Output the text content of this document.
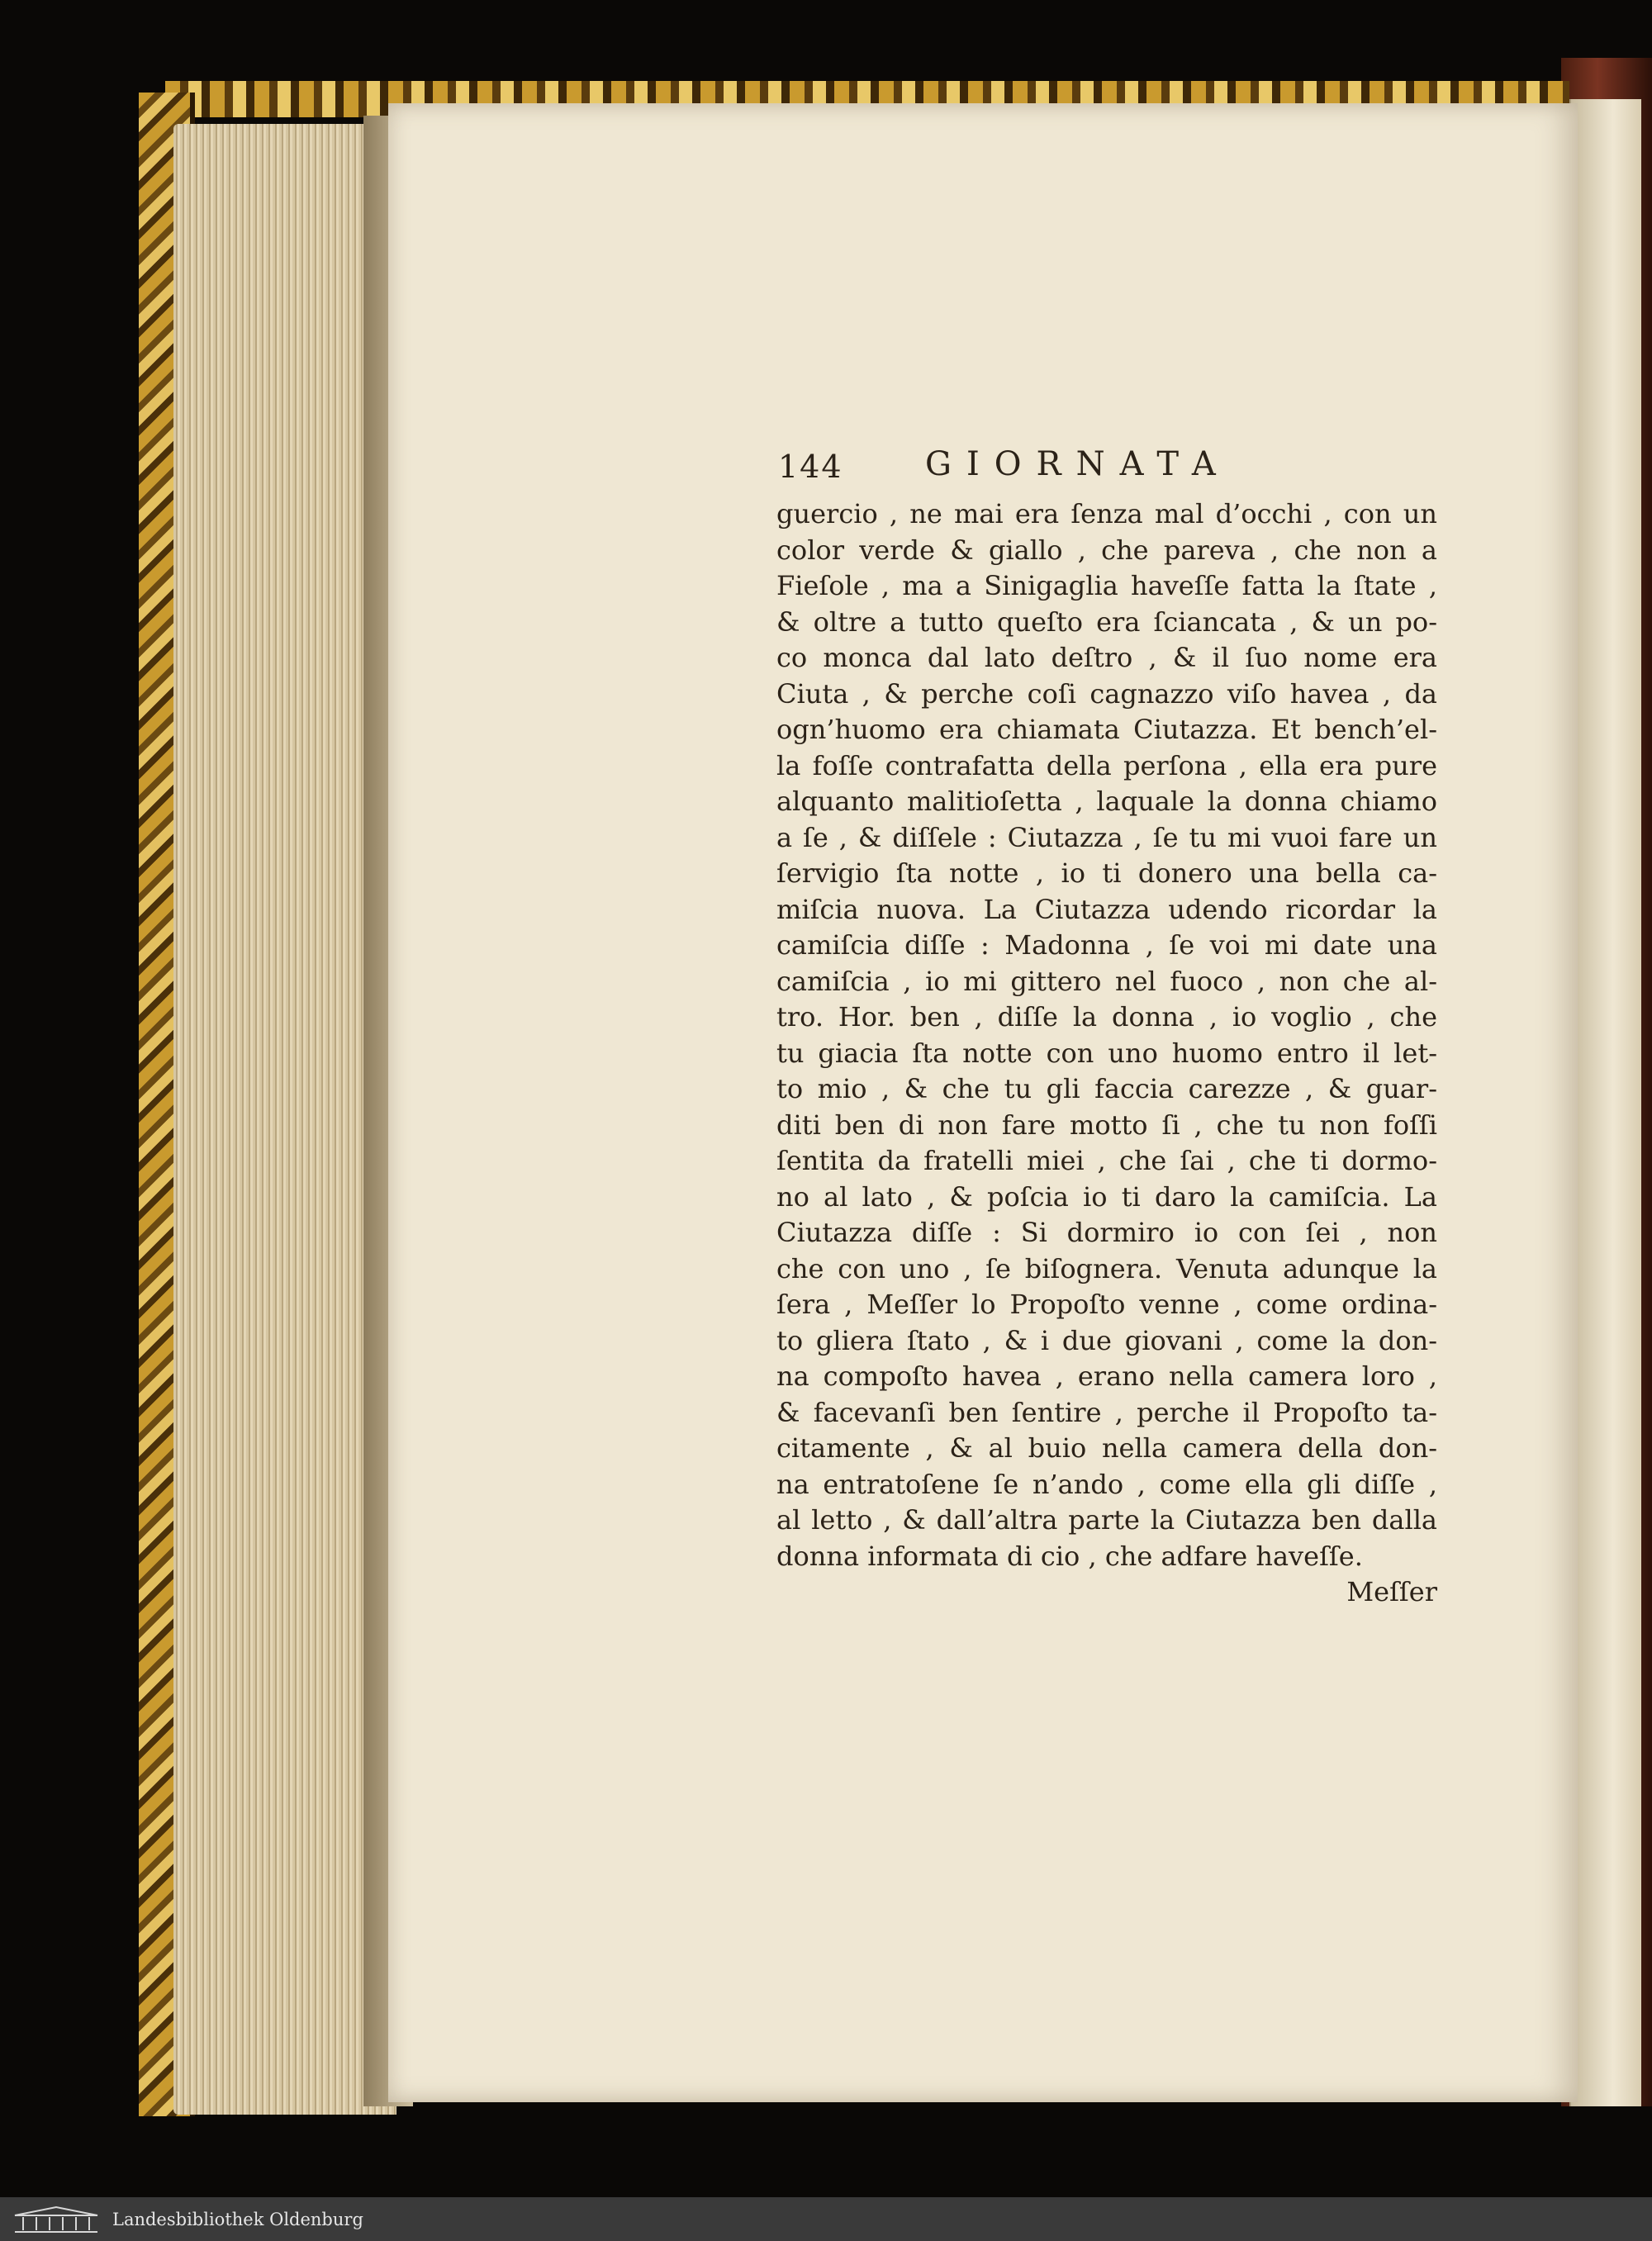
144 GIORNATA
guercio , ne mai era ſenza mal d’occhi , con un
color verde & giallo , che pareva , che non a
Fieſole , ma a Sinigaglia haveſſe fatta la ſtate ,
& oltre a tutto queſto era ſciancata , & un po-
co monca dal lato deſtro , & il ſuo nome era
Ciuta , & perche coſi cagnazzo viſo havea , da
ogn’huomo era chiamata Ciutazza. Et bench’el-
la foſſe contrafatta della perſona , ella era pure
alquanto malitioſetta , laquale la donna chiamo
a ſe , & diſſele : Ciutazza , ſe tu mi vuoi fare un
ſervigio ſta notte , io ti donero una bella ca-
miſcia nuova. La Ciutazza udendo ricordar la
camiſcia diſſe : Madonna , ſe voi mi date una
camiſcia , io mi gittero nel fuoco , non che al-
tro. Hor. ben , diſſe la donna , io voglio , che
tu giacia ſta notte con uno huomo entro il let-
to mio , & che tu gli faccia carezze , & guar-
diti ben di non fare motto ſi , che tu non foſſi
ſentita da fratelli miei , che ſai , che ti dormo-
no al lato , & poſcia io ti daro la camiſcia. La
Ciutazza diſſe : Si dormiro io con ſei , non
che con uno , ſe biſognera. Venuta adunque la
ſera , Meſſer lo Propoſto venne , come ordina-
to gliera ſtato , & i due giovani , come la don-
na compoſto havea , erano nella camera loro ,
& facevanſi ben ſentire , perche il Propoſto ta-
citamente , & al buio nella camera della don-
na entratoſene ſe n’ando , come ella gli diſſe ,
al letto , & dall’altra parte la Ciutazza ben dalla
donna informata di cio , che adfare haveſſe.
Meſſer
Landesbibliothek Oldenburg
